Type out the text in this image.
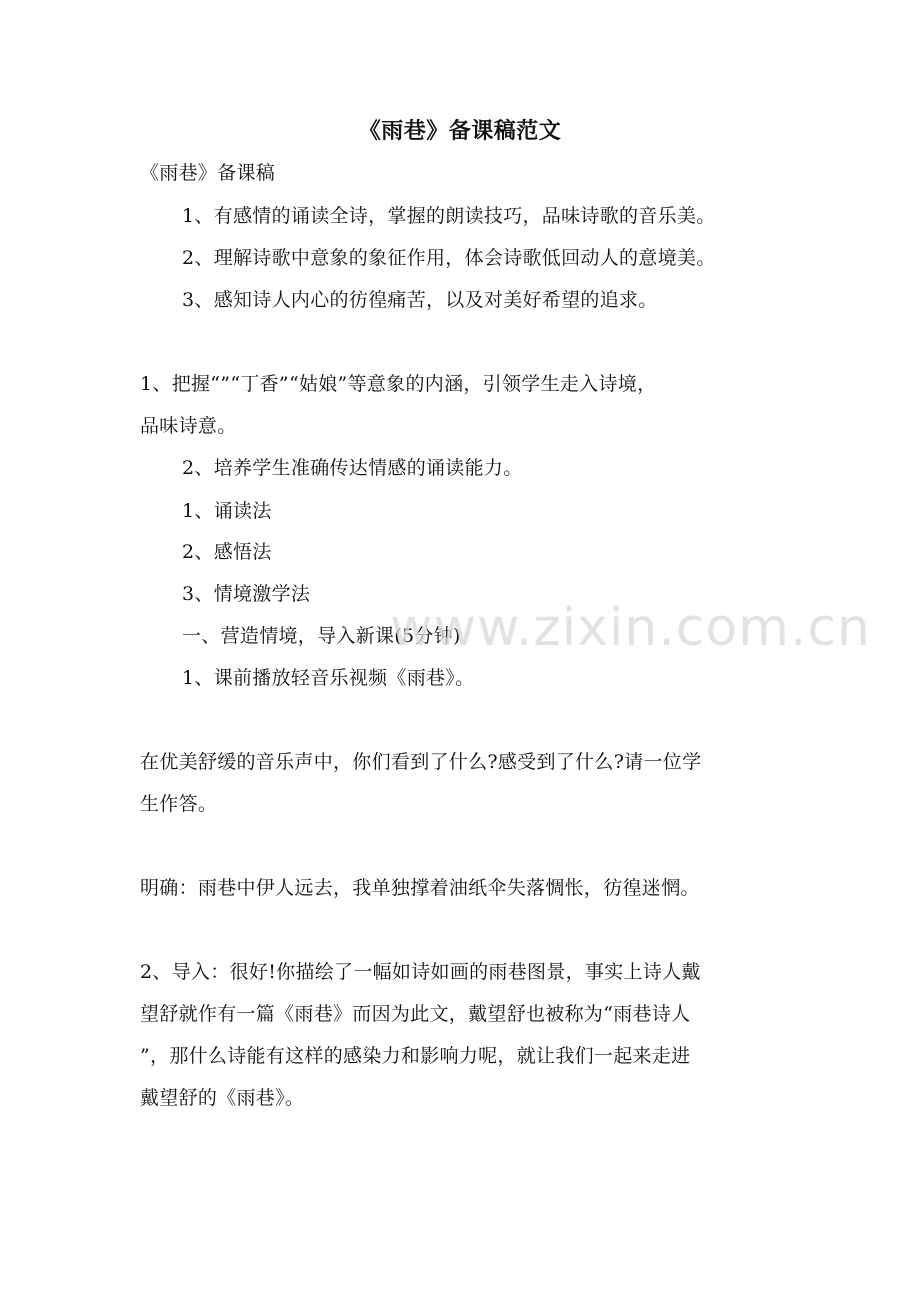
《雨巷》备课稿范文
《雨巷》备课稿
1、有感情的诵读全诗，掌握的朗读技巧，品味诗歌的音乐美。
2、理解诗歌中意象的象征作用，体会诗歌低回动人的意境美。
3、感知诗人内心的彷徨痛苦，以及对美好希望的追求。
1、把握“”“丁香”“姑娘”等意象的内涵，引领学生走入诗境，
品味诗意。
2、培养学生准确传达情感的诵读能力。
1、诵读法
2、感悟法
3、情境激学法
一、营造情境，导入新课(5分钟)
1、课前播放轻音乐视频《雨巷》。
在优美舒缓的音乐声中，你们看到了什么?感受到了什么?请一位学
生作答。
明确：雨巷中伊人远去，我单独撑着油纸伞失落惆怅，彷徨迷惘。
2、导入：很好!你描绘了一幅如诗如画的雨巷图景，事实上诗人戴
望舒就作有一篇《雨巷》而因为此文，戴望舒也被称为“雨巷诗人
”，那什么诗能有这样的感染力和影响力呢，就让我们一起来走进
戴望舒的《雨巷》。
www.zixin.com.cn
